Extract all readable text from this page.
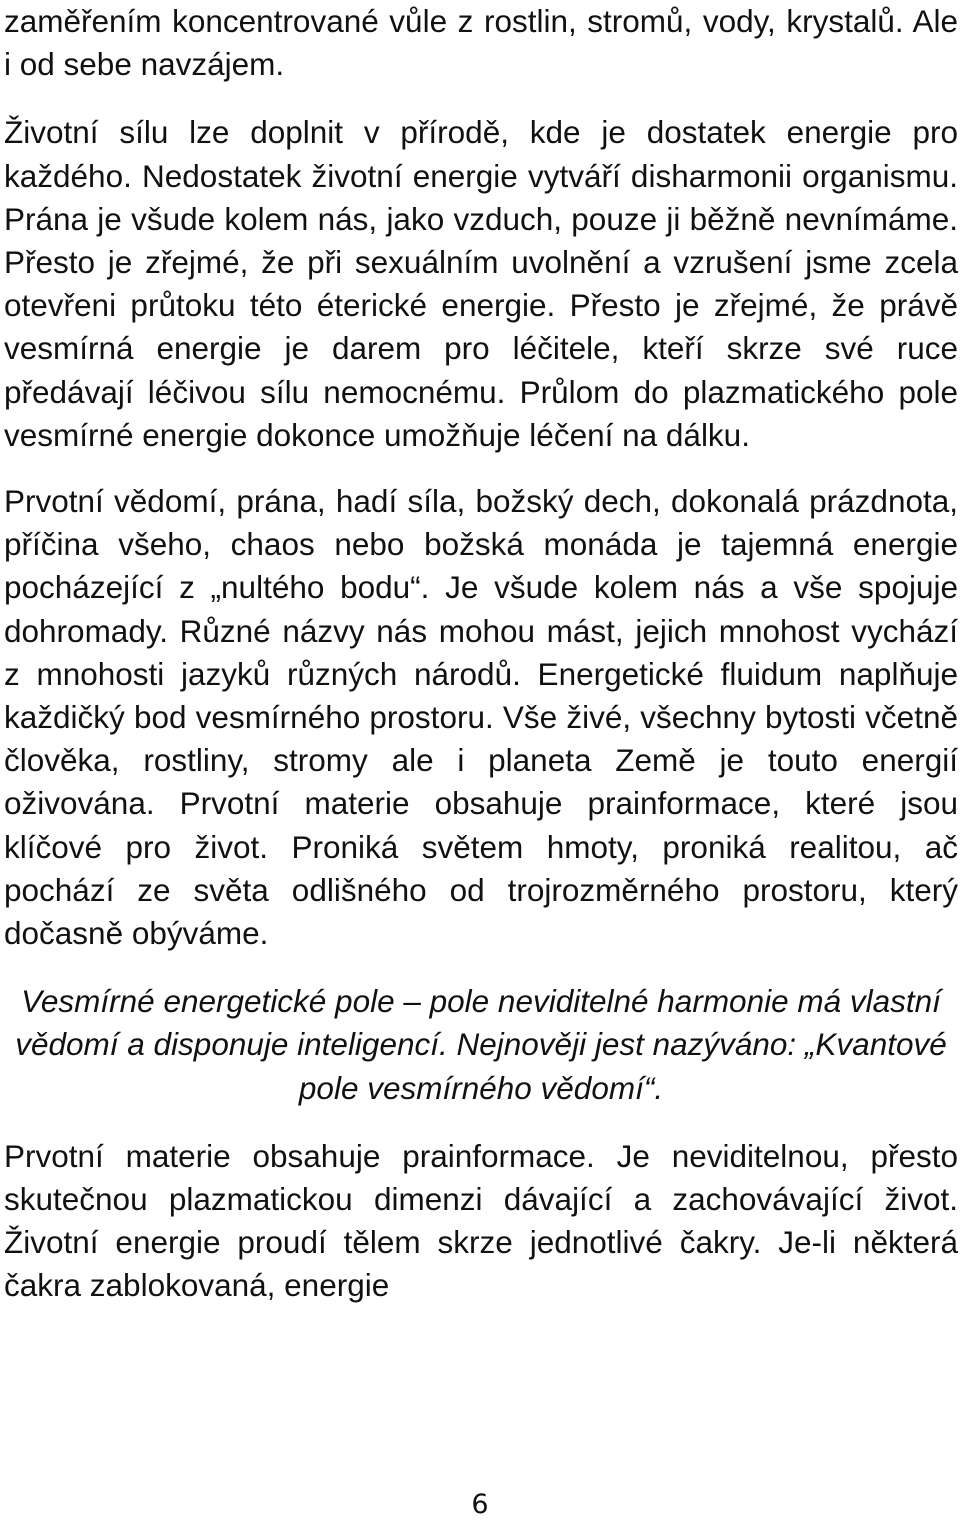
zaměřením koncentrované vůle z rostlin, stromů, vody, krystalů. Ale i od sebe navzájem.

Životní sílu lze doplnit v přírodě, kde je dostatek energie pro každého. Nedostatek životní energie vytváří disharmonii organismu. Prána je všude kolem nás, jako vzduch, pouze ji běžně nevnímáme. Přesto je zřejmé, že při sexuálním uvolnění a vzrušení jsme zcela otevřeni průtoku této éterické energie. Přesto je zřejmé, že právě vesmírná energie je darem pro léčitele, kteří skrze své ruce předávají léčivou sílu nemocnému. Průlom do plazmatického pole vesmírné energie dokonce umožňuje léčení na dálku.

Prvotní vědomí, prána, hadí síla, božský dech, dokonalá prázdnota, příčina všeho, chaos nebo božská monáda je tajemná energie pocházející z „nultého bodu“. Je všude kolem nás a vše spojuje dohromady. Různé názvy nás mohou mást, jejich mnohost vychází z mnohosti jazyků různých národů. Energetické fluidum naplňuje každičký bod vesmírného prostoru. Vše živé, všechny bytosti včetně člověka, rostliny, stromy ale i planeta Země je touto energií oživována. Prvotní materie obsahuje prainformace, které jsou klíčové pro život. Proniká světem hmoty, proniká realitou, ač pochází ze světa odlišného od trojrozměrného prostoru, který dočasně obýváme.

Vesmírné energetické pole – pole neviditelné harmonie má vlastní vědomí a disponuje inteligencí. Nejnověji jest nazýváno: „Kvantové pole vesmírného vědomí“.

Prvotní materie obsahuje prainformace. Je neviditelnou, přesto skutečnou plazmatickou dimenzi dávající a zachovávající život. Životní energie proudí tělem skrze jednotlivé čakry. Je-li některá čakra zablokovaná, energie

6
